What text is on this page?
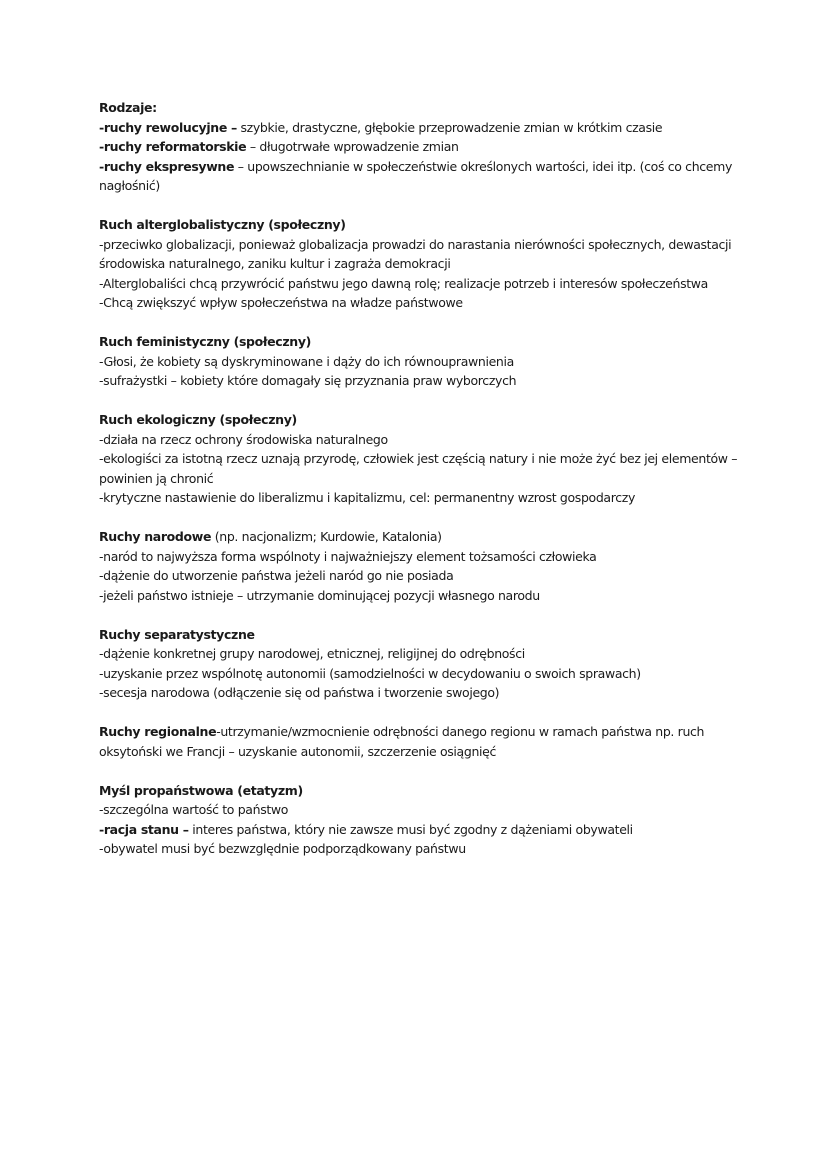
Rodzaje:
-ruchy rewolucyjne – szybkie, drastyczne, głębokie przeprowadzenie zmian w krótkim czasie
-ruchy reformatorskie – długotrwałe wprowadzenie zmian
-ruchy ekspresywne – upowszechnianie w społeczeństwie określonych wartości, idei itp. (coś co chcemy nagłośnić)
Ruch alterglobalistyczny (społeczny)
-przeciwko globalizacji, ponieważ globalizacja prowadzi do narastania nierówności społecznych, dewastacji środowiska naturalnego, zaniku kultur i zagraża demokracji
-Alterglobaliści chcą przywrócić państwu jego dawną rolę; realizacje potrzeb i interesów społeczeństwa
-Chcą zwiększyć wpływ społeczeństwa na władze państwowe
Ruch feministyczny (społeczny)
-Głosi, że kobiety są dyskryminowane i dąży do ich równouprawnienia
-sufrażystki – kobiety które domagały się przyznania praw wyborczych
Ruch ekologiczny (społeczny)
-działa na rzecz ochrony środowiska naturalnego
-ekologiści za istotną rzecz uznają przyrodę, człowiek jest częścią natury i nie może żyć bez jej elementów – powinien ją chronić
-krytyczne nastawienie do liberalizmu i kapitalizmu, cel: permanentny wzrost gospodarczy
Ruchy narodowe (np. nacjonalizm; Kurdowie, Katalonia)
-naród to najwyższa forma wspólnoty i najważniejszy element tożsamości człowieka
-dążenie do utworzenie państwa jeżeli naród go nie posiada
-jeżeli państwo istnieje – utrzymanie dominującej pozycji własnego narodu
Ruchy separatystyczne
-dążenie konkretnej grupy narodowej, etnicznej, religijnej do odrębności
-uzyskanie przez wspólnotę autonomii (samodzielności w decydowaniu o swoich sprawach)
-secesja narodowa (odłączenie się od państwa i tworzenie swojego)
Ruchy regionalne-utrzymanie/wzmocnienie odrębności danego regionu w ramach państwa np. ruch oksytoński we Francji – uzyskanie autonomii, szczerzenie osiągnięć
Myśl propaństwowa (etatyzm)
-szczególna wartość to państwo
-racja stanu – interes państwa, który nie zawsze musi być zgodny z dążeniami obywateli
-obywatel musi być bezwzględnie podporządkowany państwu
